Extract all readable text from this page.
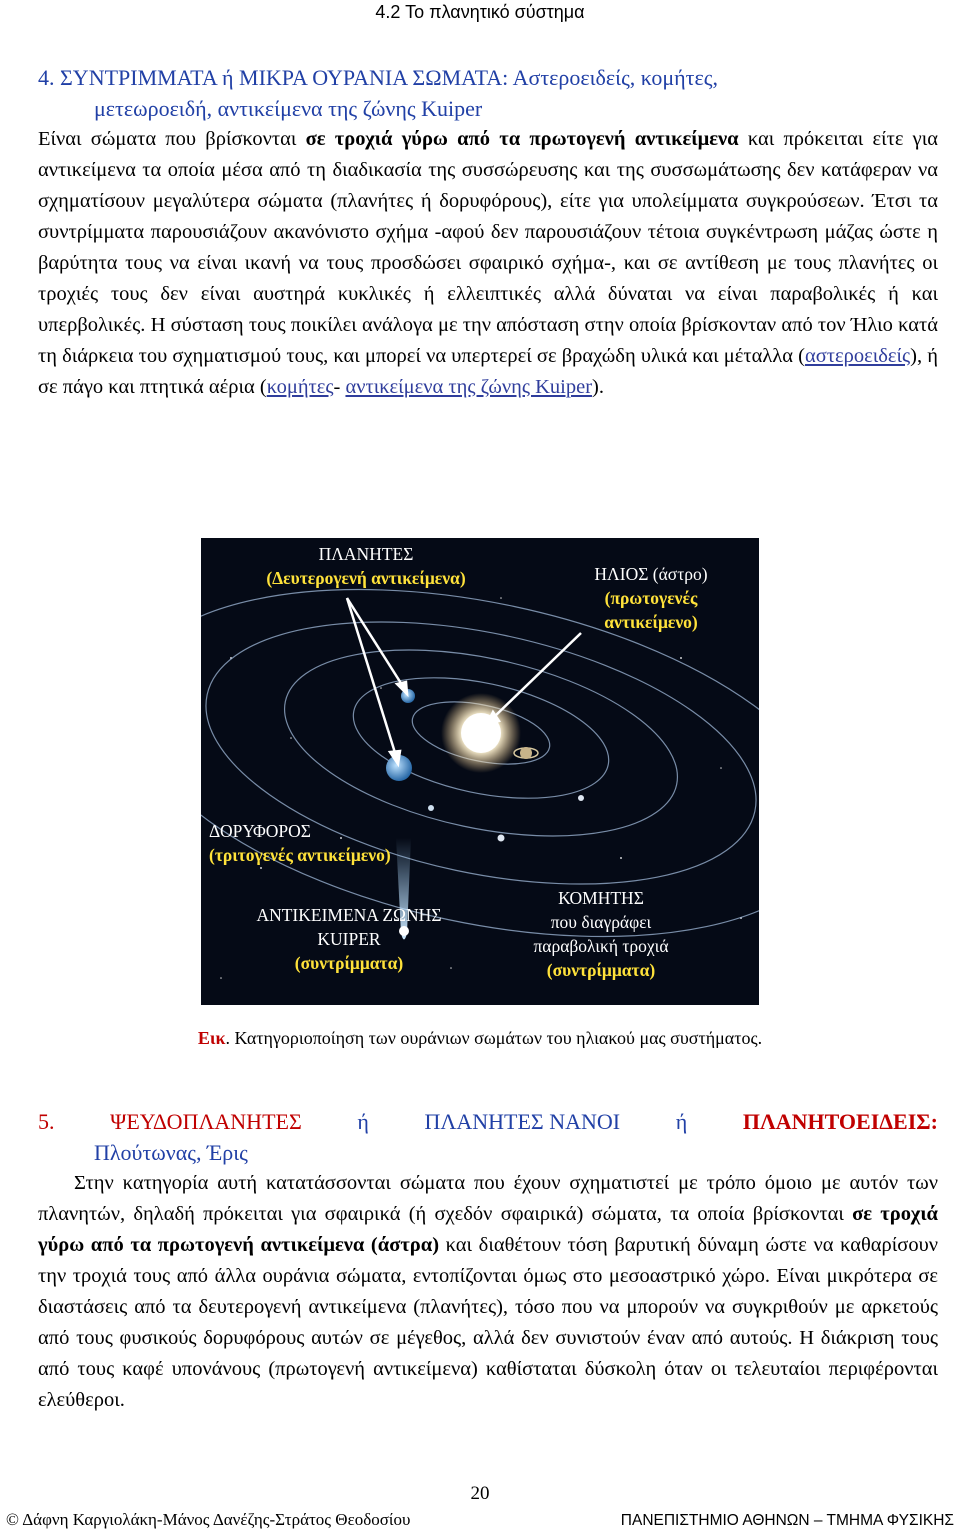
4.2 Το πλανητικό σύστημα
4. ΣΥΝΤΡΙΜΜΑΤΑ ή ΜΙΚΡΑ ΟΥΡΑΝΙΑ ΣΩΜΑΤΑ: Αστεροειδείς, κομήτες,
μετεωροειδή, αντικείμενα της ζώνης Kuiper

Είναι σώματα που βρίσκονται σε τροχιά γύρω από τα πρωτογενή αντικείμενα και πρόκειται είτε για αντικείμενα τα οποία μέσα από τη διαδικασία της συσσώρευσης και της συσσωμάτωσης δεν κατάφεραν να σχηματίσουν μεγαλύτερα σώματα (πλανήτες ή δορυφόρους), είτε για υπολείμματα συγκρούσεων. Έτσι τα συντρίμματα παρουσιάζουν ακανόνιστο σχήμα -αφού δεν παρουσιάζουν τέτοια συγκέντρωση μάζας ώστε η βαρύτητα τους να είναι ικανή να τους προσδώσει σφαιρικό σχήμα-, και σε αντίθεση με τους πλανήτες οι τροχιές τους δεν είναι αυστηρά κυκλικές ή ελλειπτικές αλλά δύναται να είναι παραβολικές ή και υπερβολικές. Η σύσταση τους ποικίλει ανάλογα με την απόσταση στην οποία βρίσκονταν από τον Ήλιο κατά τη διάρκεια του σχηματισμού τους, και μπορεί να υπερτερεί σε βραχώδη υλικά και μέταλλα (αστεροειδείς), ή σε πάγο και πτητικά αέρια (κομήτες- αντικείμενα της ζώνης Kuiper).

ΠΛΑΝΗΤΕΣ
(Δευτερογενή αντικείμενα)	ΗΛΙΟΣ (άστρο)
(πρωτογενές
αντικείμενο)
ΔΟΡΥΦΟΡΟΣ
(τριτογενές αντικείμενο)
ΑΝΤΙΚΕΙΜΕΝΑ ΖΩΝΗΣ
KUIPER
(συντρίμματα)
ΚΟΜΗΤΗΣ
που διαγράφει
παραβολική τροχιά
(συντρίμματα)
Εικ. Κατηγοριοποίηση των ουράνιων σωμάτων του ηλιακού μας συστήματος.
5.	ΨΕΥΔΟΠΛΑΝΗΤΕΣ	ή	ΠΛΑΝΗΤΕΣ ΝΑΝΟΙ	ή	ΠΛΑΝΗΤΟΕΙΔΕΙΣ:
Πλούτωνας, Έρις

Στην κατηγορία αυτή κατατάσσονται σώματα που έχουν σχηματιστεί με τρόπο όμοιο με αυτόν των πλανητών, δηλαδή πρόκειται για σφαιρικά (ή σχεδόν σφαιρικά) σώματα, τα οποία βρίσκονται σε τροχιά γύρω από τα πρωτογενή αντικείμενα (άστρα) και διαθέτουν τόση βαρυτική δύναμη ώστε να καθαρίσουν την τροχιά τους από άλλα ουράνια σώματα, εντοπίζονται όμως στο μεσοαστρικό χώρο. Είναι μικρότερα σε διαστάσεις από τα δευτερογενή αντικείμενα (πλανήτες), τόσο που να μπορούν να συγκριθούν με αρκετούς από τους φυσικούς δορυφόρους αυτών σε μέγεθος, αλλά δεν συνιστούν έναν από αυτούς. Η διάκριση τους από τους καφέ υπονάνους (πρωτογενή αντικείμενα) καθίσταται δύσκολη όταν οι τελευταίοι περιφέρονται ελεύθεροι.

20
© Δάφνη Καργιολάκη-Μάνος Δανέζης-Στράτος Θεοδοσίου	ΠΑΝΕΠΙΣΤΗΜΙΟ ΑΘΗΝΩΝ – ΤΜΗΜΑ ΦΥΣΙΚΗΣ
